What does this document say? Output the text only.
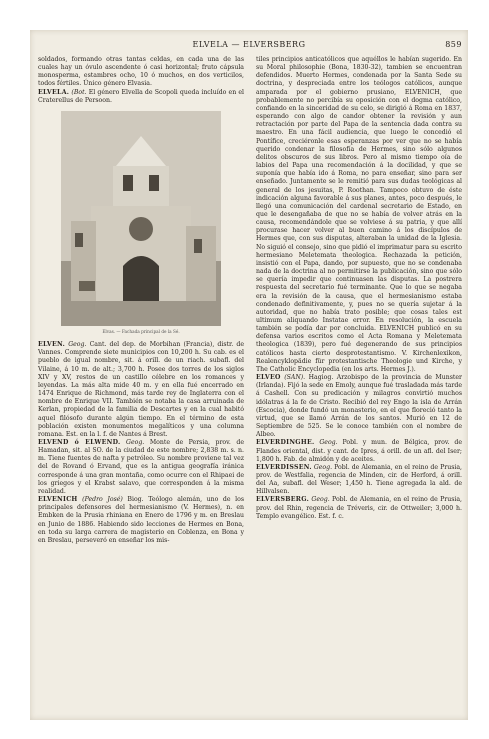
ELVELA — ELVERSBERG	859

soldados, formando otras tantas celdas, en cada una de las cuales hay un óvulo ascendente ó casi horizontal; fruto cápsula monosperma, estambres ocho, 10 ó muchos, en dos verticilos, todos fértiles. Único género Elvasia.

ELVELA. (Bot. El género Elvella de Scopoli queda incluído en el Craterellus de Persoon.

Elvas. — Fachada principal de la Sé.

ELVEN. Geog. Cant. del dep. de Morbihan (Francia), distr. de Vannes. Comprende siete municipios con 10,200 h. Su cab. es el pueblo de igual nombre, sit. á orill. de un riach. subafl. del Vilaine, á 10 m. de alt.; 3,700 h. Posee dos torres de los siglos XIV y XV, restos de un castillo célebre en los romances y leyendas. La más alta mide 40 m. y en ella fué encerrado en 1474 Enrique de Richmond, más tarde rey de Inglaterra con el nombre de Enrique VII. También se notaba la casa arruinada de Kerlan, propiedad de la familia de Descartes y en la cual habitó aquel filósofo durante algún tiempo. En el término de esta población existen monumentos megalíticos y una columna romana. Est. en la l. f. de Nantes á Brest.

ELVEND ó ELWEND. Geog. Monte de Persia, prov. de Hamadan, sit. al SO. de la ciudad de este nombre; 2,838 m. s. n. m. Tiene fuentes de nafta y petróleo. Su nombre proviene tal vez del de Rovand ó Ervand, que es la antigua geografía iránica corresponde á una gran montaña, como ocurre con el Rhipaei de los griegos y el Krabst salavo, que corresponden á la misma realidad.

ELVENICH (Pedro José) Biog. Teólogo alemán, uno de los principales defensores del hermesianismo (V. Hermes), n. en Embken de la Prusia rhiniana en Enero de 1796 y m. en Breslau en Junio de 1886. Habiendo sido lecciones de Hermes en Bona, en toda su larga carrera de magisterio en Coblenza, en Bona y en Breslau, perseveró en enseñar los mis-

tiles principios anticatólicos que aquéllos le habían sugerido. En su Moral philosophie (Bona, 1830-32), tambien se encuentran defendidos. Muerto Hermes, condenada por la Santa Sede su doctrina, y despreciada entre los teólogos católicos, aunque amparada por el gobierno prusiano, ELVENICH, que probablemente no percibía su oposición con el dogma católico, confiando en la sinceridad de su celo, se dirigió á Roma en 1837, esperando con algo de candor obtener la revisión y aun retractación por parte del Papa de la sentencia dada contra su maestro. En una fácil audiencia, que luego le concedió el Pontífice, creciéronle esas esperanzas por ver que no se había querido condenar la filosofía de Hermes, sino sólo algunos delitos obscuros de sus libros. Pero al mismo tiempo oía de labios del Papa una recomendación á la docilidad, y que se suponía que había ido á Roma, no para enseñar, sino para ser enseñado. Juntamente se le remitió para sus dudas teológicas al general de los jesuitas, P. Roothan. Tampoco obtuvo de éste indicación alguna favorable á sus planes, antes, poco después, le llegó una comunicación del cardenal secretario de Estado, en que le desengañaba de que no se había de volver atrás en la causa, recomendándole que se volviese á su patria, y que allí procurase hacer volver al buen camino á los discípulos de Hermes que, con sus disputas, alteraban la unidad de la Iglesia. No siguió el consejo, sino que pidió el imprimatur para su escrito hermesiano Meletemata theologica. Rechazada la petición, insistió con el Papa, dando, por supuesto, que no se condenaba nada de la doctrina al no permitirse la publicación, sino que sólo se quería impedir que continuasen las disputas. La postrera respuesta del secretario fué terminante. Que lo que se negaba era la revisión de la causa, que el hermesianismo estaba condenado definitivamente, y, pues no se quería sujetar á la autoridad, que no había trato posible; que cosas tales est ultimum aliquando Instatae error. En resolución, la escuela también se podía dar por concluida. ELVENICH publicó en su defensa varios escritos como el Acta Romana y Meletemata theologica (1839), pero fué degenerando de sus principios católicos hasta cierto desprotestantismo. V. Kirchenlexikon, Realencyklopädie für protestantische Theologie und Kirche, y The Catholic Encyclopedia (en los arts. Hermes J.).

ELVEO (SAN). Hagiog. Arzobispo de la provincia de Munster (Irlanda). Fijó la sede en Emoly, aunque fué trasladada más tarde á Cashell. Con su predicación y milagros convirtió muchos idólatras á la fe de Cristo. Recibió del rey Engo la isla de Arrán (Escocia), donde fundó un monasterio, en el que floreció tanto la virtud, que se llamó Arrán de los santos. Murió en 12 de Septiembre de 525. Se le conoce también con el nombre de Albeo.

ELVERDINGHE. Geog. Pobl. y mun. de Bélgica, prov. de Flandes oriental, dist. y cant. de Ipres, á orill. de un afl. del Iser; 1,800 h. Fab. de almidón y de aceites.

ELVERDISSEN. Geog. Pobl. de Alemania, en el reino de Prusia, prov. de Westfalia, regencia de Minden, cir. de Herford, á orill. del Aa, subafl. del Weser; 1,450 h. Tiene agregada la ald. de Hillvalsen.

ELVERSBERG. Geog. Pobl. de Alemania, en el reino de Prusia, prov. del Rhin, regencia de Tréveris, cir. de Ottweiler; 3,000 h. Templo evangélico. Est. f. c.
